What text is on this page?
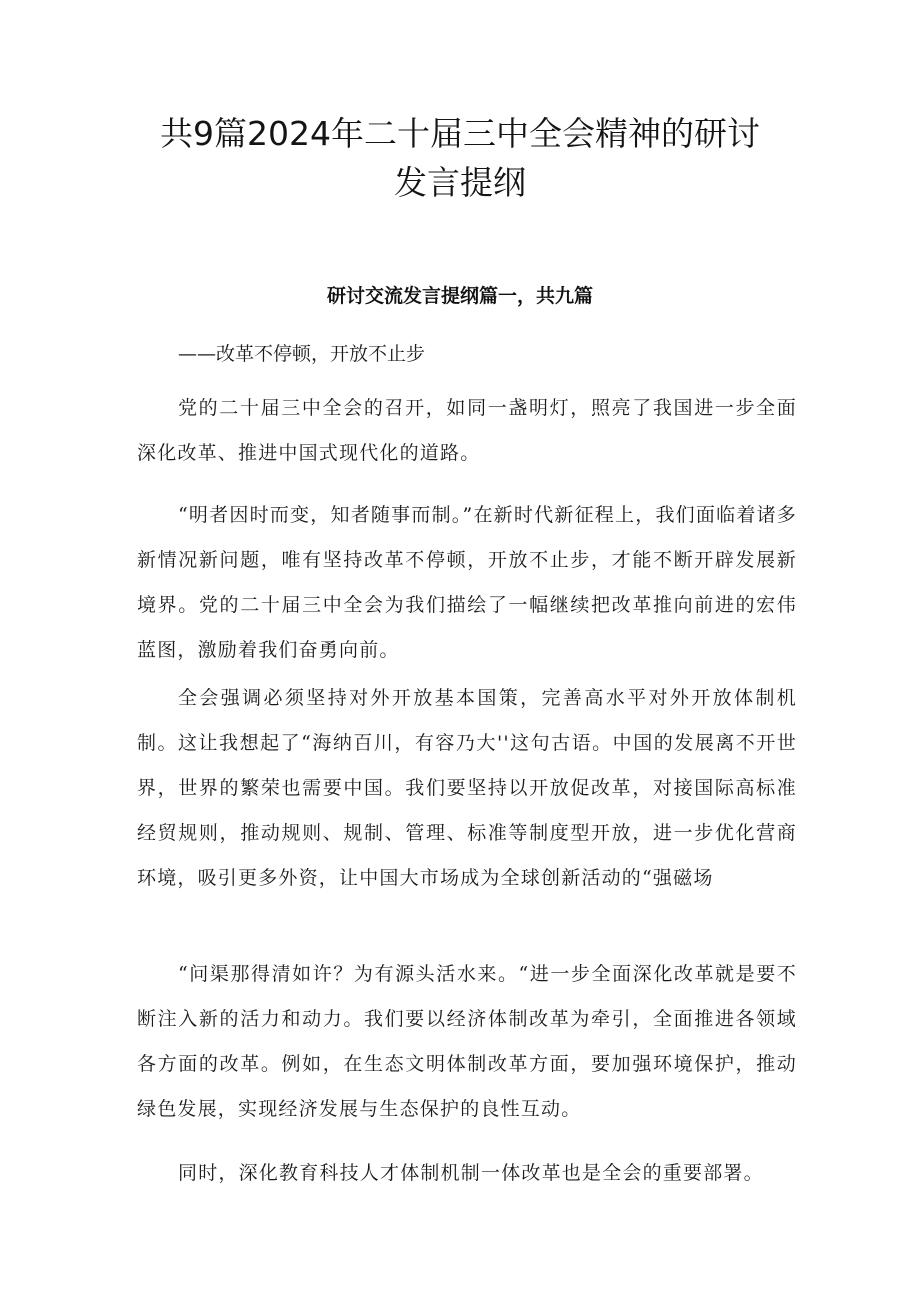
共9篇2024年二十届三中全会精神的研讨
发言提纲
研讨交流发言提纲篇一，共九篇

——改革不停顿，开放不止步

党的二十届三中全会的召开，如同一盏明灯，照亮了我国进一步全面深化改革、推进中国式现代化的道路。

“明者因时而变，知者随事而制。”在新时代新征程上，我们面临着诸多新情况新问题，唯有坚持改革不停顿，开放不止步，才能不断开辟发展新境界。党的二十届三中全会为我们描绘了一幅继续把改革推向前进的宏伟蓝图，激励着我们奋勇向前。

全会强调必须坚持对外开放基本国策，完善高水平对外开放体制机制。这让我想起了“海纳百川，有容乃大''这句古语。中国的发展离不开世界，世界的繁荣也需要中国。我们要坚持以开放促改革，对接国际高标准经贸规则，推动规则、规制、管理、标准等制度型开放，进一步优化营商环境，吸引更多外资，让中国大市场成为全球创新活动的“强磁场

“问渠那得清如许？为有源头活水来。“进一步全面深化改革就是要不断注入新的活力和动力。我们要以经济体制改革为牵引，全面推进各领域各方面的改革。例如，在生态文明体制改革方面，要加强环境保护，推动绿色发展，实现经济发展与生态保护的良性互动。

同时，深化教育科技人才体制机制一体改革也是全会的重要部署。
